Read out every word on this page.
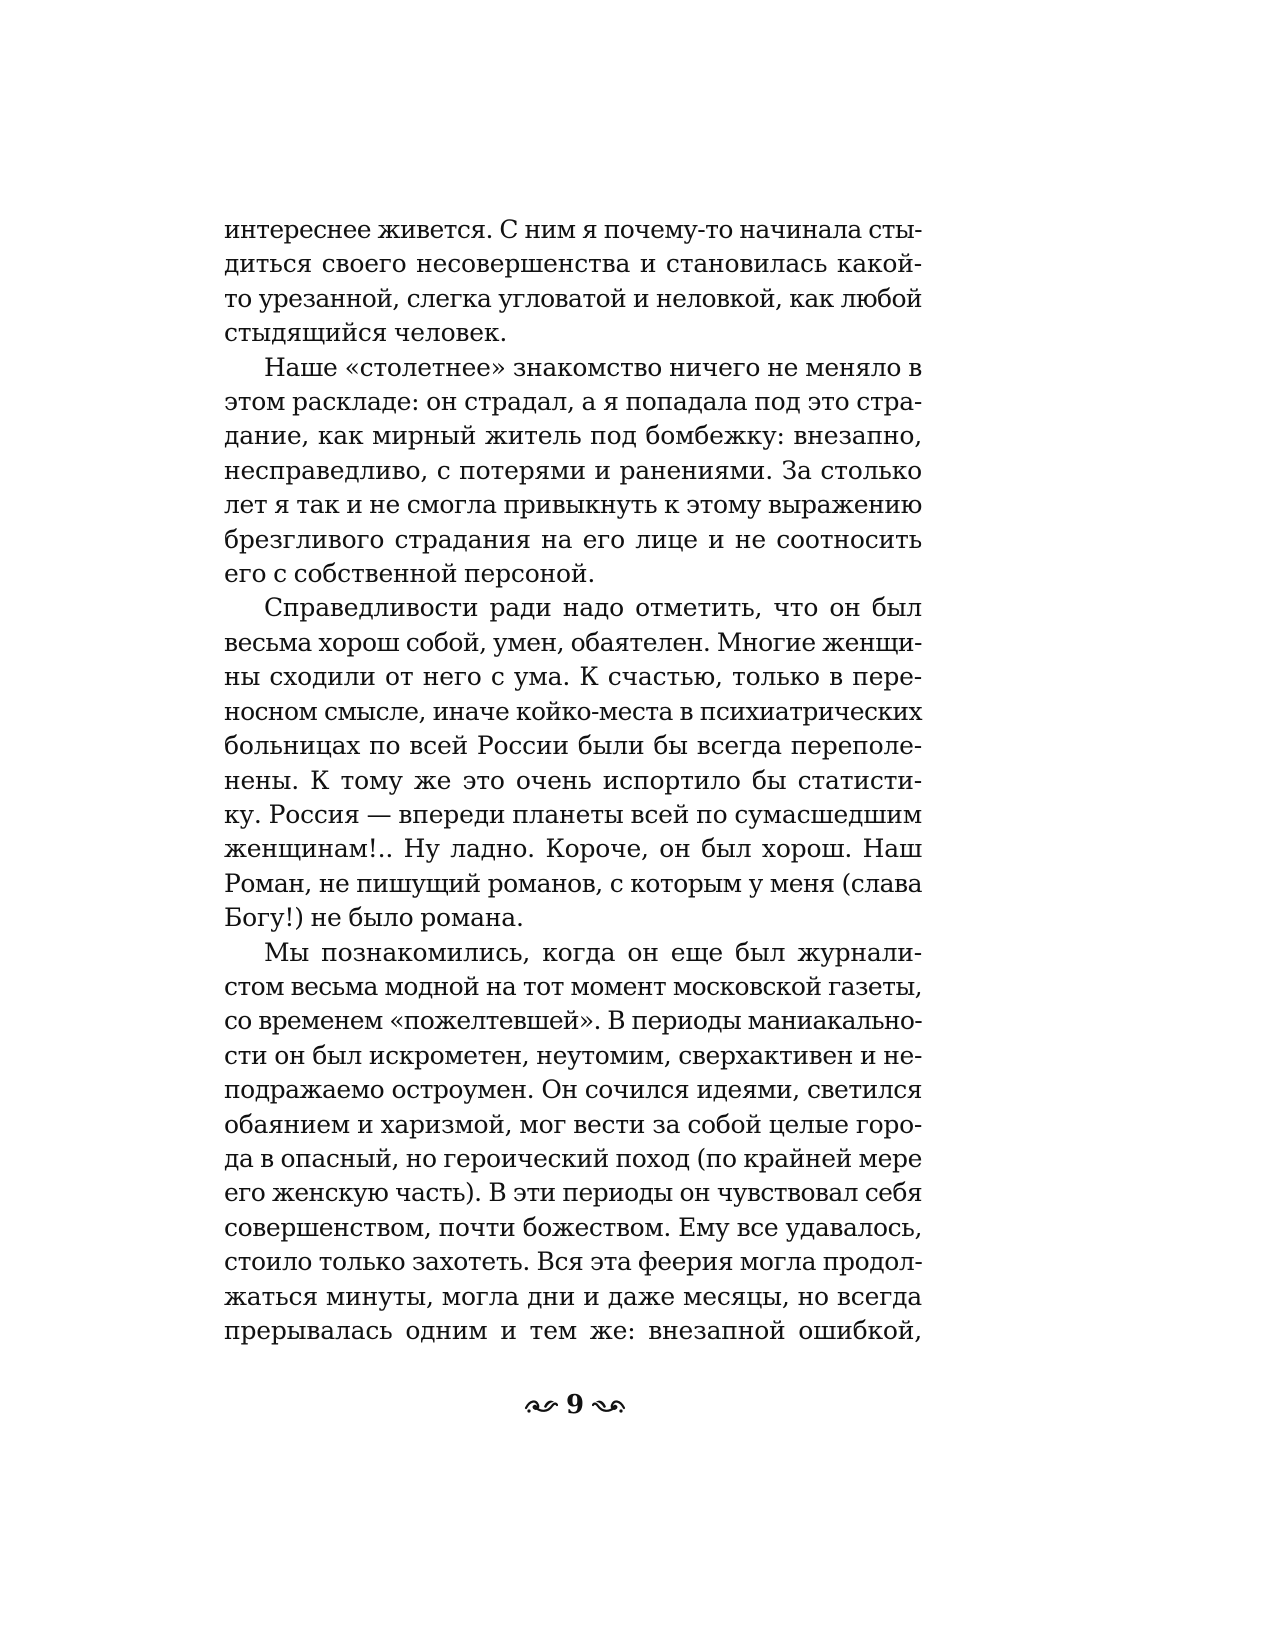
интереснее живется. С ним я почему-то начинала сты-
диться своего несовершенства и становилась какой-
то урезанной, слегка угловатой и неловкой, как любой
стыдящийся человек.

Наше «столетнее» знакомство ничего не меняло в
этом раскладе: он страдал, а я попадала под это стра-
дание, как мирный житель под бомбежку: внезапно,
несправедливо, с потерями и ранениями. За столько
лет я так и не смогла привыкнуть к этому выражению
брезгливого страдания на его лице и не соотносить
его с собственной персоной.

Справедливости ради надо отметить, что он был
весьма хорош собой, умен, обаятелен. Многие женщи-
ны сходили от него с ума. К счастью, только в пере-
носном смысле, иначе койко-места в психиатрических
больницах по всей России были бы всегда переполе-
нены. К тому же это очень испортило бы статисти-
ку. Россия — впереди планеты всей по сумасшедшим
женщинам!.. Ну ладно. Короче, он был хорош. Наш
Роман, не пишущий романов, с которым у меня (слава
Богу!) не было романа.

Мы познакомились, когда он еще был журнали-
стом весьма модной на тот момент московской газеты,
со временем «пожелтевшей». В периоды маниакально-
сти он был искрометен, неутомим, сверхактивен и не-
подражаемо остроумен. Он сочился идеями, светился
обаянием и харизмой, мог вести за собой целые горо-
да в опасный, но героический поход (по крайней мере
его женскую часть). В эти периоды он чувствовал себя
совершенством, почти божеством. Ему все удавалось,
стоило только захотеть. Вся эта феерия могла продол-
жаться минуты, могла дни и даже месяцы, но всегда
прерывалась одним и тем же: внезапной ошибкой,

9
